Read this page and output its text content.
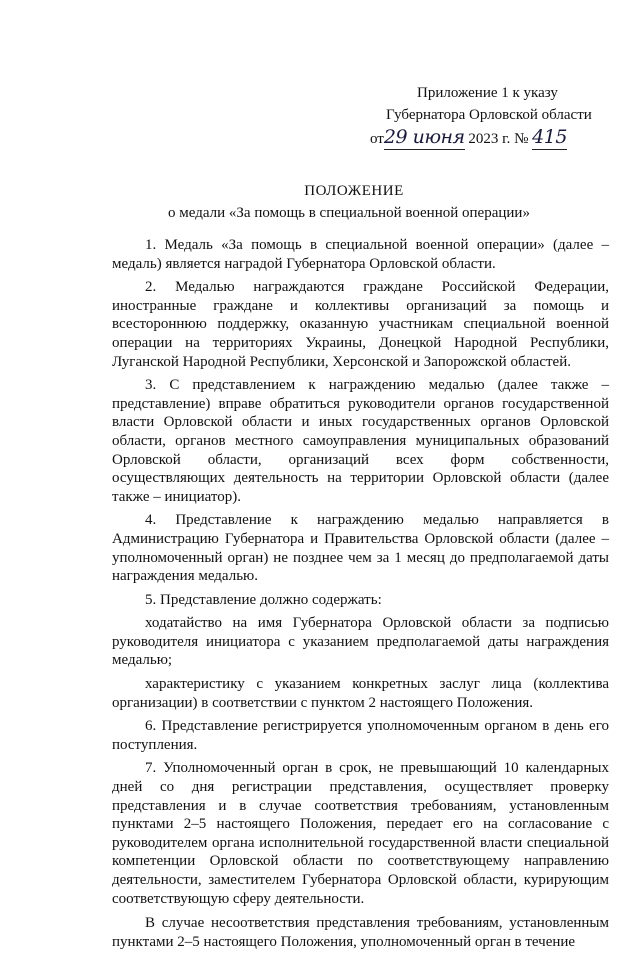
Приложение 1 к указу
Губернатора Орловской области
от29 июня 2023 г. № 415
ПОЛОЖЕНИЕ
о медали «За помощь в специальной военной операции»

1. Медаль «За помощь в специальной военной операции» (далее – медаль) является наградой Губернатора Орловской области.

2. Медалью награждаются граждане Российской Федерации, иностранные граждане и коллективы организаций за помощь и всестороннюю поддержку, оказанную участникам специальной военной операции на территориях Украины, Донецкой Народной Республики, Луганской Народной Республики, Херсонской и Запорожской областей.

3. С представлением к награждению медалью (далее также – представление) вправе обратиться руководители органов государственной власти Орловской области и иных государственных органов Орловской области, органов местного самоуправления муниципальных образований Орловской области, организаций всех форм собственности, осуществляющих деятельность на территории Орловской области (далее также – инициатор).

4. Представление к награждению медалью направляется в Администрацию Губернатора и Правительства Орловской области (далее – уполномоченный орган) не позднее чем за 1 месяц до предполагаемой даты награждения медалью.

5. Представление должно содержать:

ходатайство на имя Губернатора Орловской области за подписью руководителя инициатора с указанием предполагаемой даты награждения медалью;

характеристику с указанием конкретных заслуг лица (коллектива организации) в соответствии с пунктом 2 настоящего Положения.

6. Представление регистрируется уполномоченным органом в день его поступления.

7. Уполномоченный орган в срок, не превышающий 10 календарных дней со дня регистрации представления, осуществляет проверку представления и в случае соответствия требованиям, установленным пунктами 2–5 настоящего Положения, передает его на согласование с руководителем органа исполнительной государственной власти специальной компетенции Орловской области по соответствующему направлению деятельности, заместителем Губернатора Орловской области, курирующим соответствующую сферу деятельности.

В случае несоответствия представления требованиям, установленным пунктами 2–5 настоящего Положения, уполномоченный орган в течение
